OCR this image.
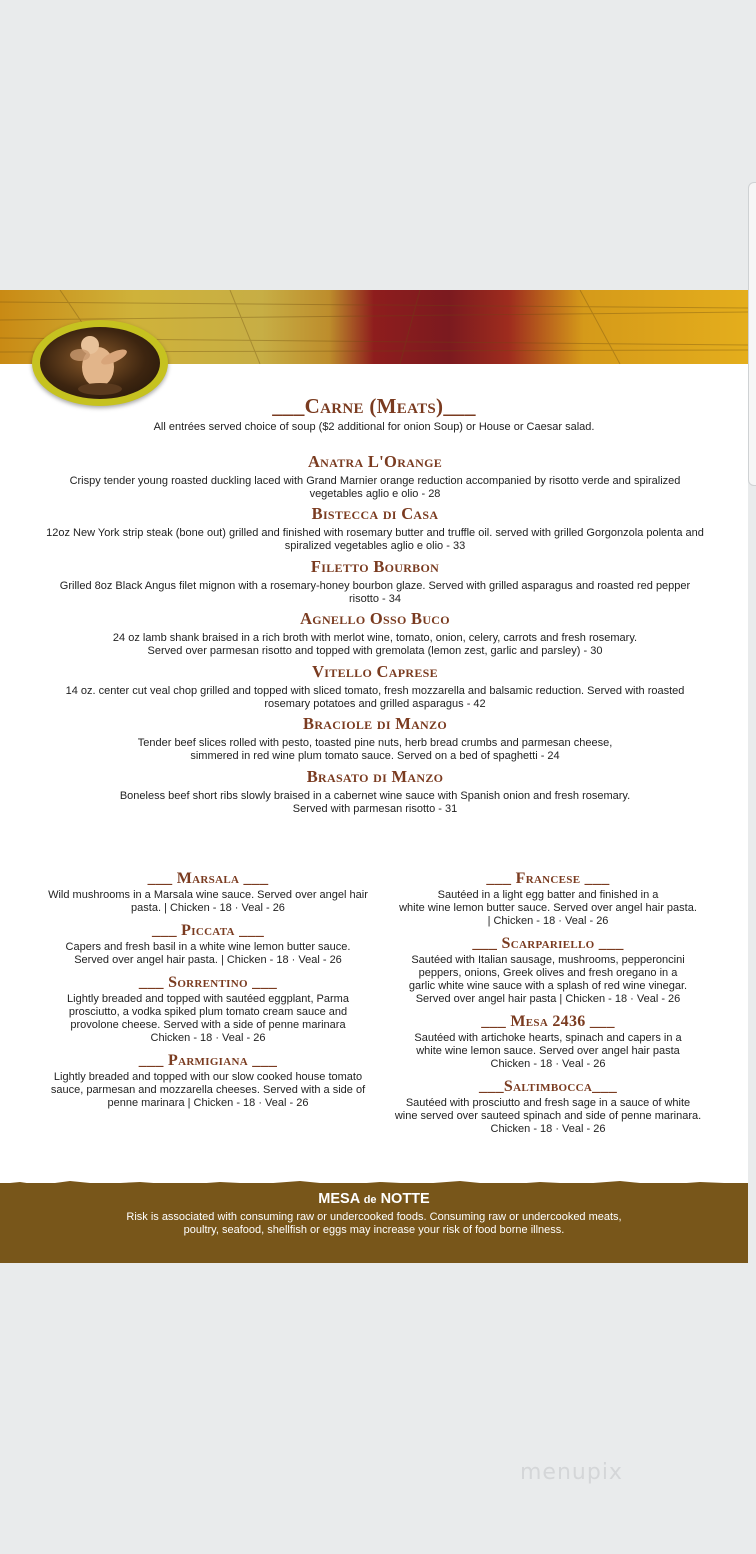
___Carne (Meats)___
All entrées served choice of soup ($2 additional for onion Soup) or House or Caesar salad.
Anatra L'Orange
Crispy tender young roasted duckling laced with Grand Marnier orange reduction accompanied by risotto verde and spiralized
vegetables aglio e olio - 28
Bistecca di Casa
12oz New York strip steak (bone out) grilled and finished with rosemary butter and truffle oil. served with grilled Gorgonzola polenta and
spiralized vegetables aglio e olio - 33
Filetto Bourbon
Grilled 8oz Black Angus filet mignon with a rosemary-honey bourbon glaze. Served with grilled asparagus and roasted red pepper
risotto - 34
Agnello Osso Buco
24 oz lamb shank braised in a rich broth with merlot wine, tomato, onion, celery, carrots and fresh rosemary.
Served over parmesan risotto and topped with gremolata (lemon zest, garlic and parsley) - 30
Vitello Caprese
14 oz. center cut veal chop grilled and topped with sliced tomato, fresh mozzarella and balsamic reduction. Served with roasted
rosemary potatoes and grilled asparagus - 42
Braciole di Manzo
Tender beef slices rolled with pesto, toasted pine nuts, herb bread crumbs and parmesan cheese,
simmered in red wine plum tomato sauce. Served on a bed of spaghetti - 24
Brasato di Manzo
Boneless beef short ribs slowly braised in a cabernet wine sauce with Spanish onion and fresh rosemary.
Served with parmesan risotto - 31
___ Marsala ___
Wild mushrooms in a Marsala wine sauce. Served over angel hair
pasta. | Chicken - 18 · Veal - 26
___ Piccata ___
Capers and fresh basil in a white wine lemon butter sauce.
Served over angel hair pasta. | Chicken - 18 · Veal - 26
___ Sorrentino ___
Lightly breaded and topped with sautéed eggplant, Parma
prosciutto, a vodka spiked plum tomato cream sauce and
provolone cheese. Served with a side of penne marinara
Chicken - 18 · Veal - 26
___ Parmigiana ___
Lightly breaded and topped with our slow cooked house tomato
sauce, parmesan and mozzarella cheeses. Served with a side of
penne marinara | Chicken - 18 · Veal - 26
___ Francese ___
Sautéed in a light egg batter and finished in a
white wine lemon butter sauce. Served over angel hair pasta.
| Chicken - 18 · Veal - 26
___ Scarpariello ___
Sautéed with Italian sausage, mushrooms, pepperoncini
peppers, onions, Greek olives and fresh oregano in a
garlic white wine sauce with a splash of red wine vinegar.
Served over angel hair pasta | Chicken - 18 · Veal - 26
___ Mesa 2436 ___
Sautéed with artichoke hearts, spinach and capers in a
white wine lemon sauce. Served over angel hair pasta
Chicken - 18 · Veal - 26
___Saltimbocca___
Sautéed with prosciutto and fresh sage in a sauce of white
wine served over sauteed spinach and side of penne marinara.
Chicken - 18 · Veal - 26
MESA de NOTTE
Risk is associated with consuming raw or undercooked foods. Consuming raw or undercooked meats,
poultry, seafood, shellfish or eggs may increase your risk of food borne illness.
menupix
